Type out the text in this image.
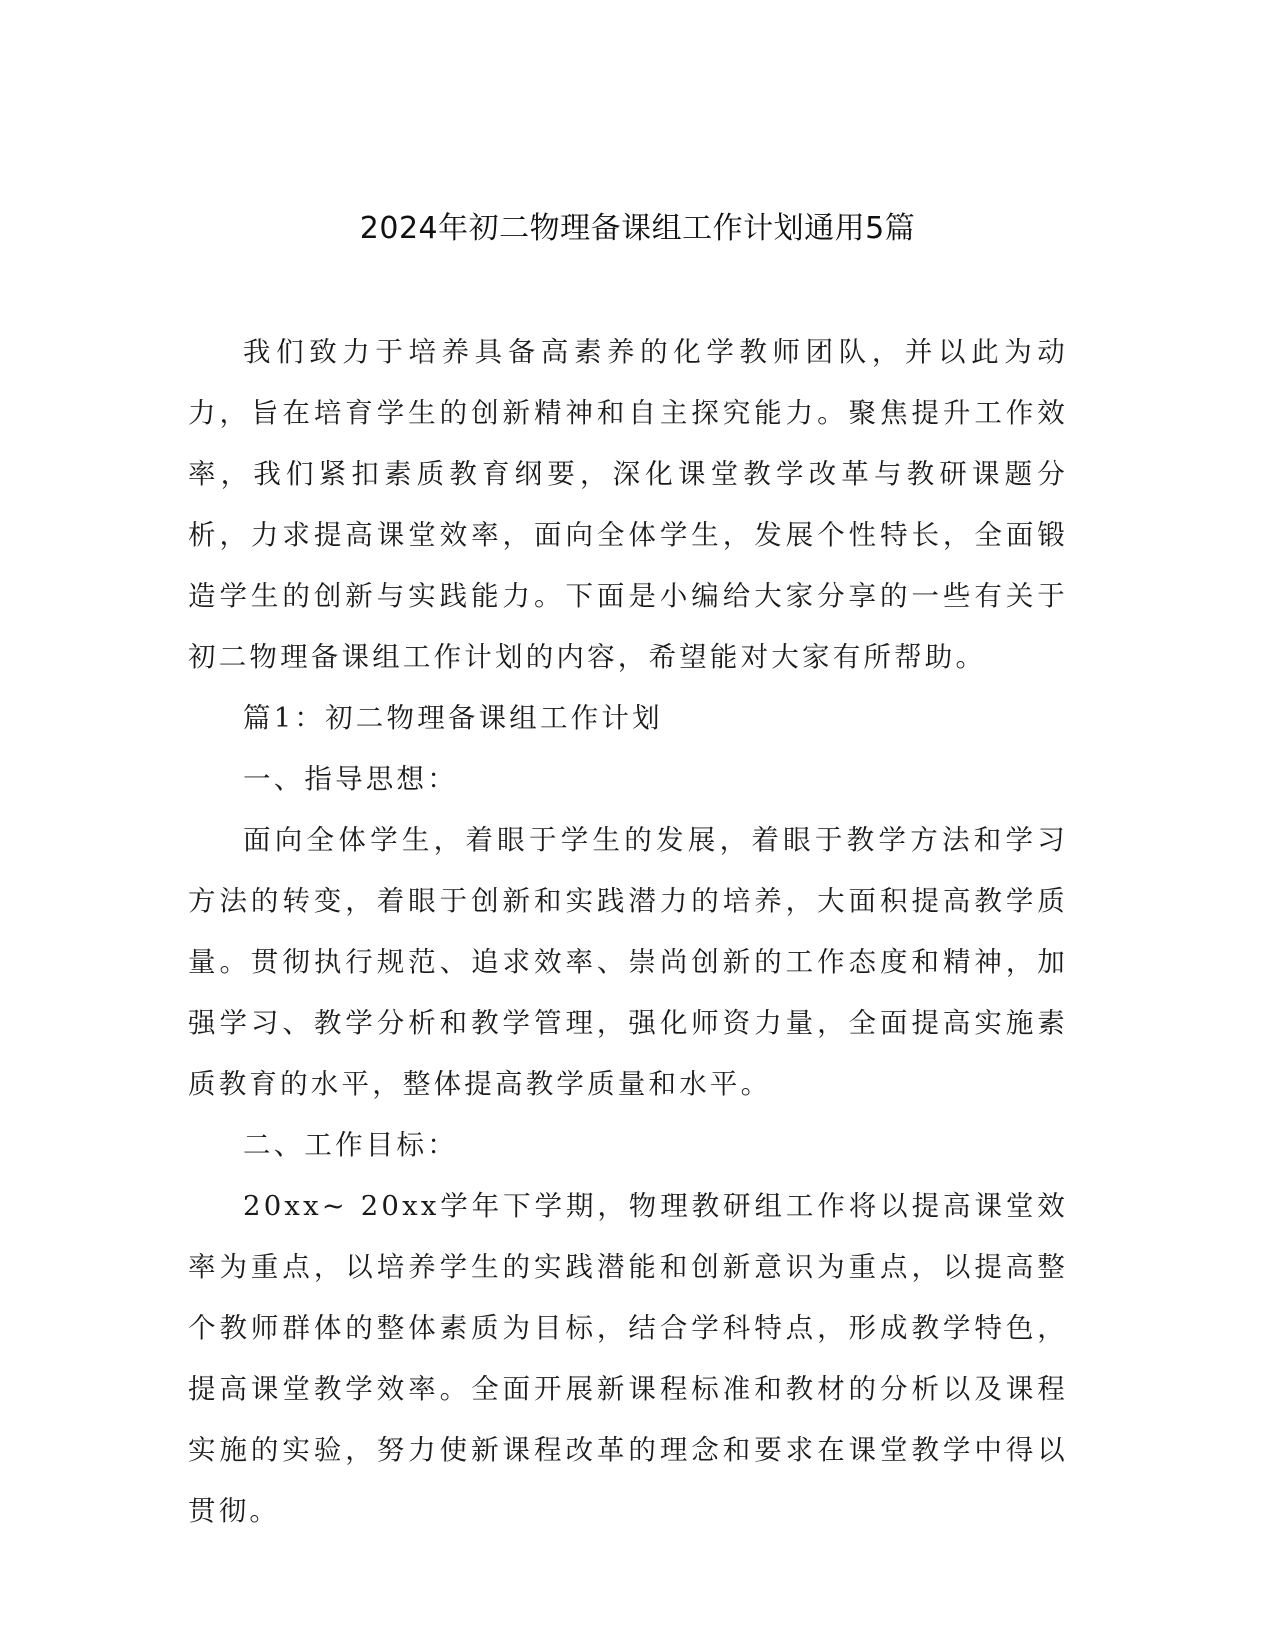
2024年初二物理备课组工作计划通用5篇

我们致力于培养具备高素养的化学教师团队，并以此为动力，旨在培育学生的创新精神和自主探究能力。聚焦提升工作效率，我们紧扣素质教育纲要，深化课堂教学改革与教研课题分析，力求提高课堂效率，面向全体学生，发展个性特长，全面锻造学生的创新与实践能力。下面是小编给大家分享的一些有关于初二物理备课组工作计划的内容，希望能对大家有所帮助。

篇1：初二物理备课组工作计划

一、指导思想：

面向全体学生，着眼于学生的发展，着眼于教学方法和学习方法的转变，着眼于创新和实践潜力的培养，大面积提高教学质量。贯彻执行规范、追求效率、崇尚创新的工作态度和精神，加强学习、教学分析和教学管理，强化师资力量，全面提高实施素质教育的水平，整体提高教学质量和水平。

二、工作目标：

20xx~ 20xx学年下学期，物理教研组工作将以提高课堂效率为重点，以培养学生的实践潜能和创新意识为重点，以提高整个教师群体的整体素质为目标，结合学科特点，形成教学特色，提高课堂教学效率。全面开展新课程标准和教材的分析以及课程实施的实验，努力使新课程改革的理念和要求在课堂教学中得以贯彻。
